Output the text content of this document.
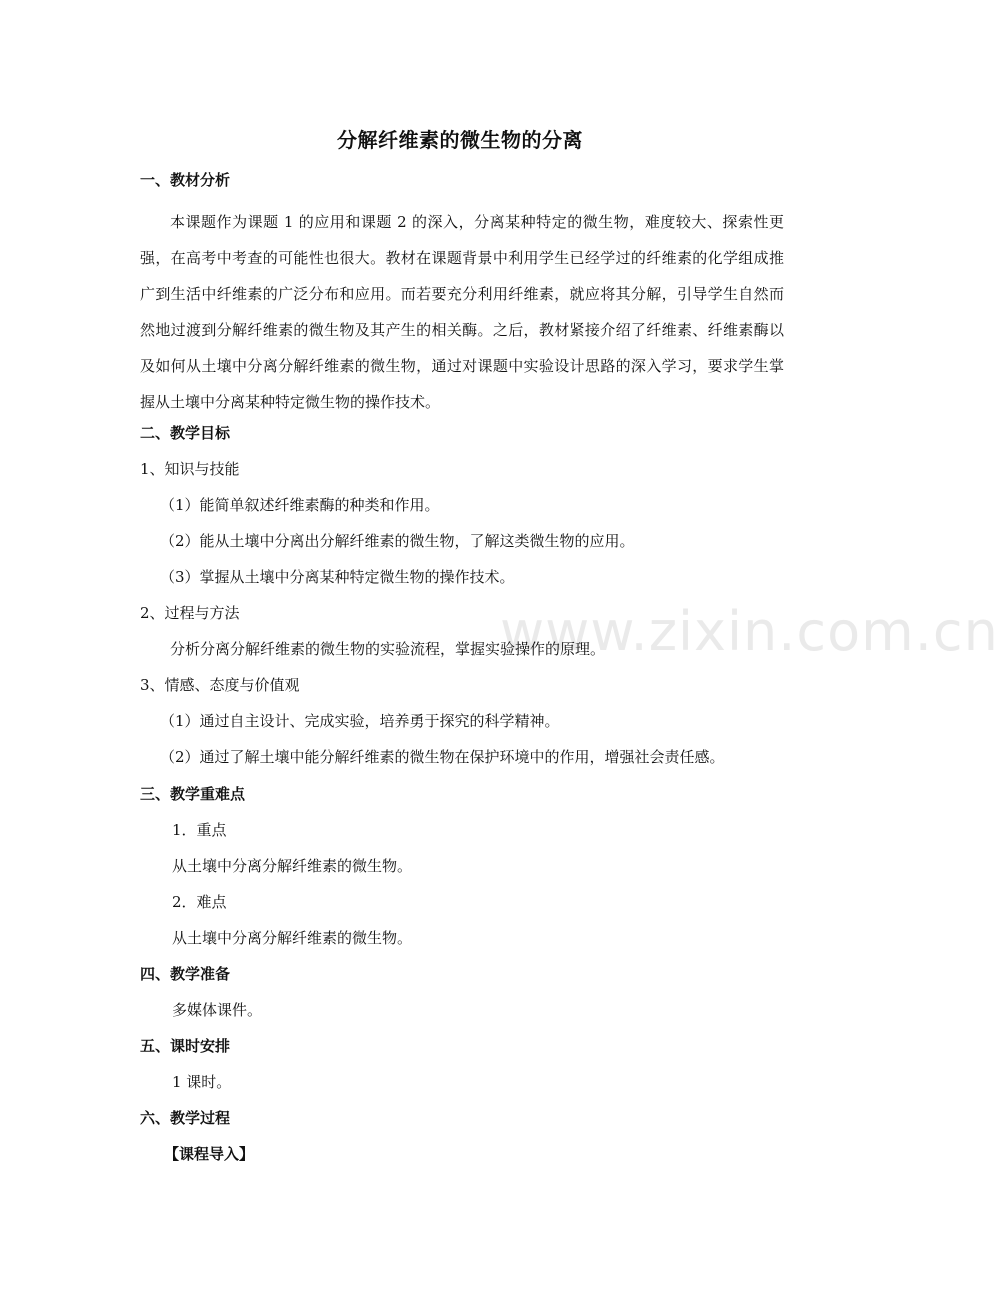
www.zixin.com.cn
分解纤维素的微生物的分离
一、教材分析
本课题作为课题 1 的应用和课题 2 的深入，分离某种特定的微生物，难度较大、探索性更强，在高考中考查的可能性也很大。教材在课题背景中利用学生已经学过的纤维素的化学组成推广到生活中纤维素的广泛分布和应用。而若要充分利用纤维素，就应将其分解，引导学生自然而然地过渡到分解纤维素的微生物及其产生的相关酶。之后，教材紧接介绍了纤维素、纤维素酶以及如何从土壤中分离分解纤维素的微生物，通过对课题中实验设计思路的深入学习，要求学生掌握从土壤中分离某种特定微生物的操作技术。
二、教学目标
1、知识与技能
（1）能简单叙述纤维素酶的种类和作用。
（2）能从土壤中分离出分解纤维素的微生物，了解这类微生物的应用。
（3）掌握从土壤中分离某种特定微生物的操作技术。
2、过程与方法
分析分离分解纤维素的微生物的实验流程，掌握实验操作的原理。
3、情感、态度与价值观
（1）通过自主设计、完成实验，培养勇于探究的科学精神。
（2）通过了解土壤中能分解纤维素的微生物在保护环境中的作用，增强社会责任感。
三、教学重难点
1．重点
从土壤中分离分解纤维素的微生物。
2．难点
从土壤中分离分解纤维素的微生物。
四、教学准备
多媒体课件。
五、课时安排
1 课时。
六、教学过程
【课程导入】
